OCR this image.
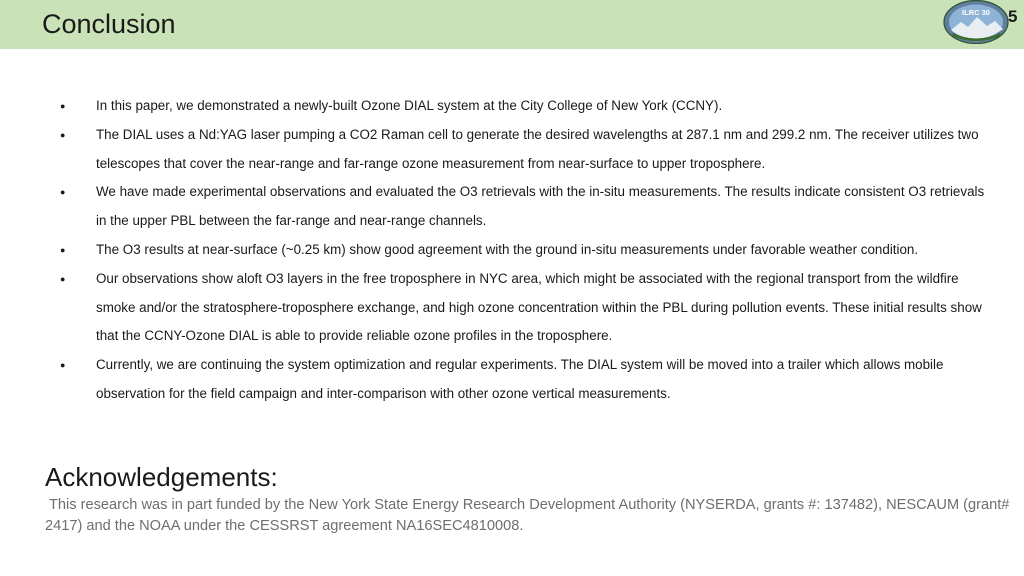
Conclusion	ILRC 30 5
● In this paper, we demonstrated a newly-built Ozone DIAL system at the City College of New York (CCNY).
● The DIAL uses a Nd:YAG laser pumping a CO2 Raman cell to generate the desired wavelengths at 287.1 nm and 299.2 nm. The receiver utilizes two telescopes that cover the near-range and far-range ozone measurement from near-surface to upper troposphere.
● We have made experimental observations and evaluated the O3 retrievals with the in-situ measurements. The results indicate consistent O3 retrievals in the upper PBL between the far-range and near-range channels.
● The O3 results at near-surface (~0.25 km) show good agreement with the ground in-situ measurements under favorable weather condition.
● Our observations show aloft O3 layers in the free troposphere in NYC area, which might be associated with the regional transport from the wildfire smoke and/or the stratosphere-troposphere exchange, and high ozone concentration within the PBL during pollution events. These initial results show that the CCNY-Ozone DIAL is able to provide reliable ozone profiles in the troposphere.
● Currently, we are continuing the system optimization and regular experiments. The DIAL system will be moved into a trailer which allows mobile observation for the field campaign and inter-comparison with other ozone vertical measurements.
Acknowledgements:
This research was in part funded by the New York State Energy Research Development Authority (NYSERDA, grants #: 137482), NESCAUM (grant# 2417) and the NOAA under the CESSRST agreement NA16SEC4810008.
